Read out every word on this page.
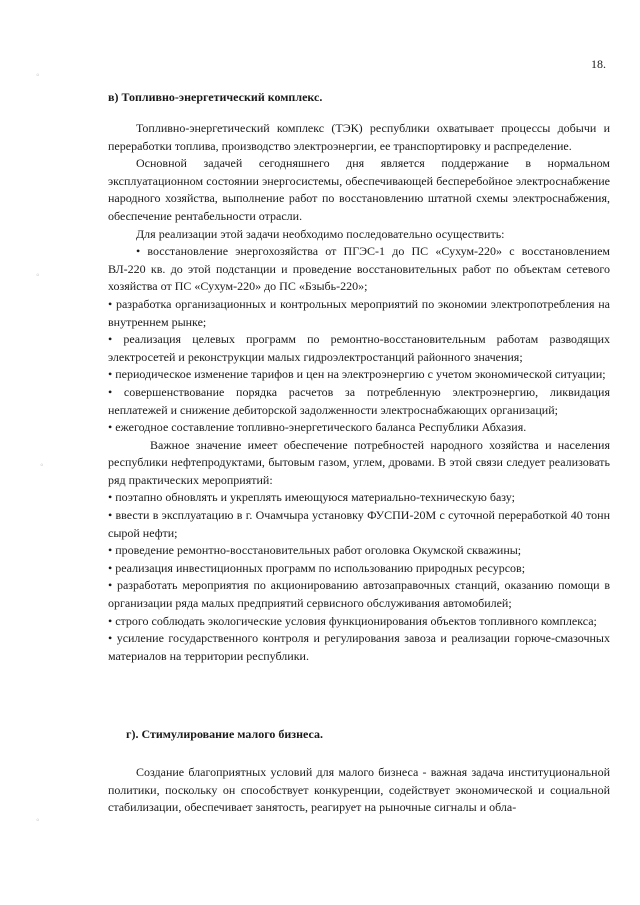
◦
◦
◦
◦
18.
в) Топливно-энергетический комплекс.

Топливно-энергетический комплекс (ТЭК) республики охватывает процессы добычи и переработки топлива, производство электроэнергии, ее транспортировку и распределение.

Основной задачей сегодняшнего дня является поддержание в нормальном эксплуатационном состоянии энергосистемы, обеспечивающей бесперебойное электроснабжение народного хозяйства, выполнение работ по восстановлению штатной схемы электроснабжения, обеспечение рентабельности отрасли.

Для реализации этой задачи необходимо последовательно осуществить:

• восстановление энергохозяйства от ПГЭС-1 до ПС «Сухум-220» с восстановлением ВЛ-220 кв. до этой подстанции и проведение восстановительных работ по объектам сетевого хозяйства от ПС «Сухум-220» до ПС «Бзыбь-220»;

• разработка организационных и контрольных мероприятий по экономии электропотребления на внутреннем рынке;

• реализация целевых программ по ремонтно-восстановительным работам разводящих электросетей и реконструкции малых гидроэлектростанций районного значения;

• периодическое изменение тарифов и цен на электроэнергию с учетом экономической ситуации;

• совершенствование порядка расчетов за потребленную электроэнергию, ликвидация неплатежей и снижение дебиторской задолженности электроснабжающих организаций;

• ежегодное составление топливно-энергетического баланса Республики Абхазия.

Важное значение имеет обеспечение потребностей народного хозяйства и населения республики нефтепродуктами, бытовым газом, углем, дровами. В этой связи следует реализовать ряд практических мероприятий:

• поэтапно обновлять и укреплять имеющуюся материально-техническую базу;

• ввести в эксплуатацию в г. Очамчыра установку ФУСПИ-20М с суточной переработкой 40 тонн сырой нефти;

• проведение ремонтно-восстановительных работ оголовка Окумской скважины;

• реализация инвестиционных программ по использованию природных ресурсов;

• разработать мероприятия по акционированию автозаправочных станций, оказанию помощи в организации ряда малых предприятий сервисного обслуживания автомобилей;

• строго соблюдать экологические условия функционирования объектов топливного комплекса;

• усиление государственного контроля и регулирования завоза и реализации горюче-смазочных материалов на территории республики.

г). Стимулирование малого бизнеса.

Создание благоприятных условий для малого бизнеса - важная задача институциональной политики, поскольку он способствует конкуренции, содействует экономической и социальной стабилизации, обеспечивает занятость, реагирует на рыночные сигналы и обла-
